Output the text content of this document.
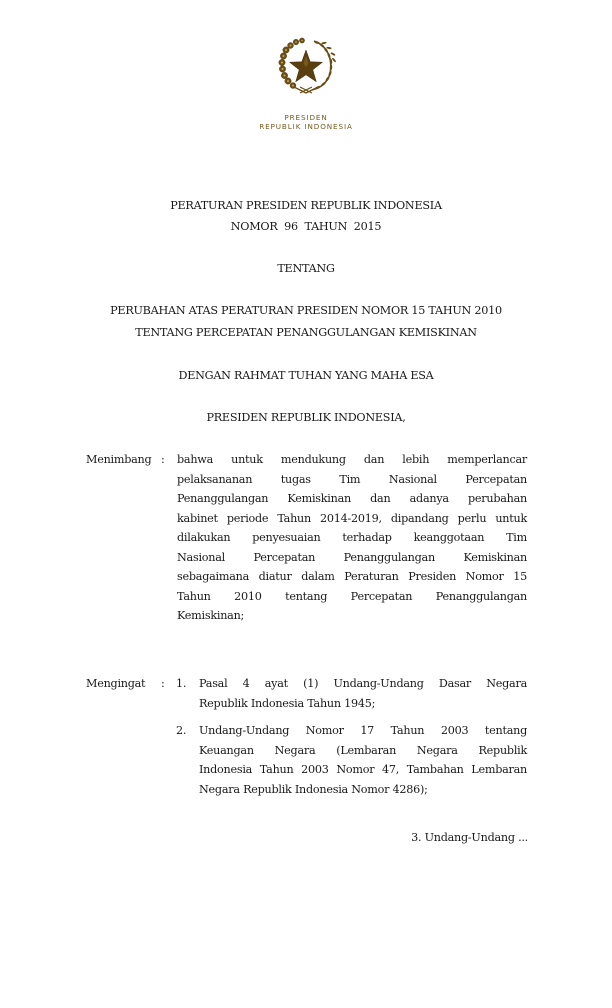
PRESIDEN
REPUBLIK INDONESIA
PERATURAN PRESIDEN REPUBLIK INDONESIA
NOMOR  96  TAHUN  2015
TENTANG
PERUBAHAN ATAS PERATURAN PRESIDEN NOMOR 15 TAHUN 2010
TENTANG PERCEPATAN PENANGGULANGAN KEMISKINAN
DENGAN RAHMAT TUHAN YANG MAHA ESA
PRESIDEN REPUBLIK INDONESIA,
Menimbang : bahwa untuk mendukung dan lebih memperlancar
pelaksananan tugas Tim Nasional Percepatan
Penanggulangan Kemiskinan dan adanya perubahan
kabinet periode Tahun 2014-2019, dipandang perlu untuk
dilakukan penyesuaian terhadap keanggotaan Tim
Nasional Percepatan Penanggulangan Kemiskinan
sebagaimana diatur dalam Peraturan Presiden Nomor 15
Tahun 2010 tentang Percepatan Penanggulangan
Kemiskinan;
Mengingat : 1. Pasal 4 ayat (1) Undang-Undang Dasar Negara
Republik Indonesia Tahun 1945;
2. Undang-Undang Nomor 17 Tahun 2003 tentang
Keuangan Negara (Lembaran Negara Republik
Indonesia Tahun 2003 Nomor 47, Tambahan Lembaran
Negara Republik Indonesia Nomor 4286);
3. Undang-Undang ...
